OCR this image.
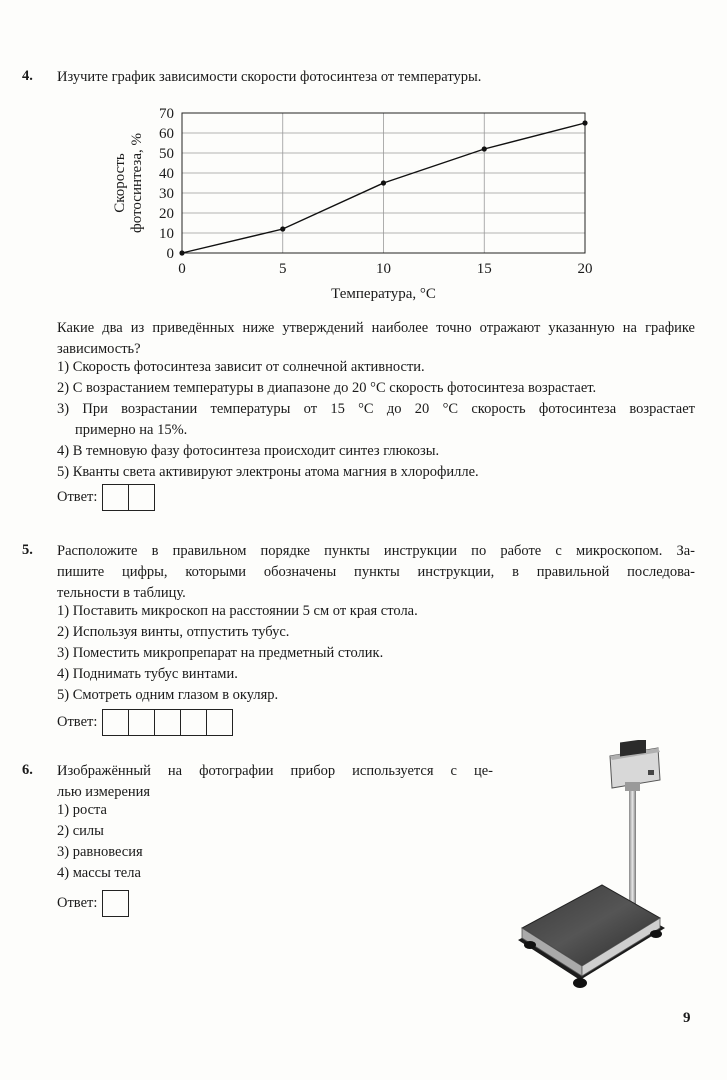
4. Изучите график зависимости скорости фотосинтеза от температуры.
0
10
20
30
40
50
60
70
0	5	10	15	20
Температура, °С
Скорость фотосинтеза, %
Какие два из приведённых ниже утверждений наиболее точно отражают указанную на графике зависимость?
1) Скорость фотосинтеза зависит от солнечной активности.
2) С возрастанием температуры в диапазоне до 20 °С скорость фотосинтеза возрастает.
3) При возрастании температуры от 15 °С до 20 °С скорость фотосинтеза возрастает
примерно на 15%.
4) В темновую фазу фотосинтеза происходит синтез глюкозы.
5) Кванты света активируют электроны атома магния в хлорофилле.
Ответ:
5. Расположите в правильном порядке пункты инструкции по работе с микроскопом. За-
пишите цифры, которыми обозначены пункты инструкции, в правильной последова-
тельности в таблицу.
1) Поставить микроскоп на расстоянии 5 см от края стола.
2) Используя винты, отпустить тубус.
3) Поместить микропрепарат на предметный столик.
4) Поднимать тубус винтами.
5) Смотреть одним глазом в окуляр.
Ответ:
6. Изображённый на фотографии прибор используется с це-
лью измерения
1) роста
2) силы
3) равновесия
4) массы тела
Ответ:
9
